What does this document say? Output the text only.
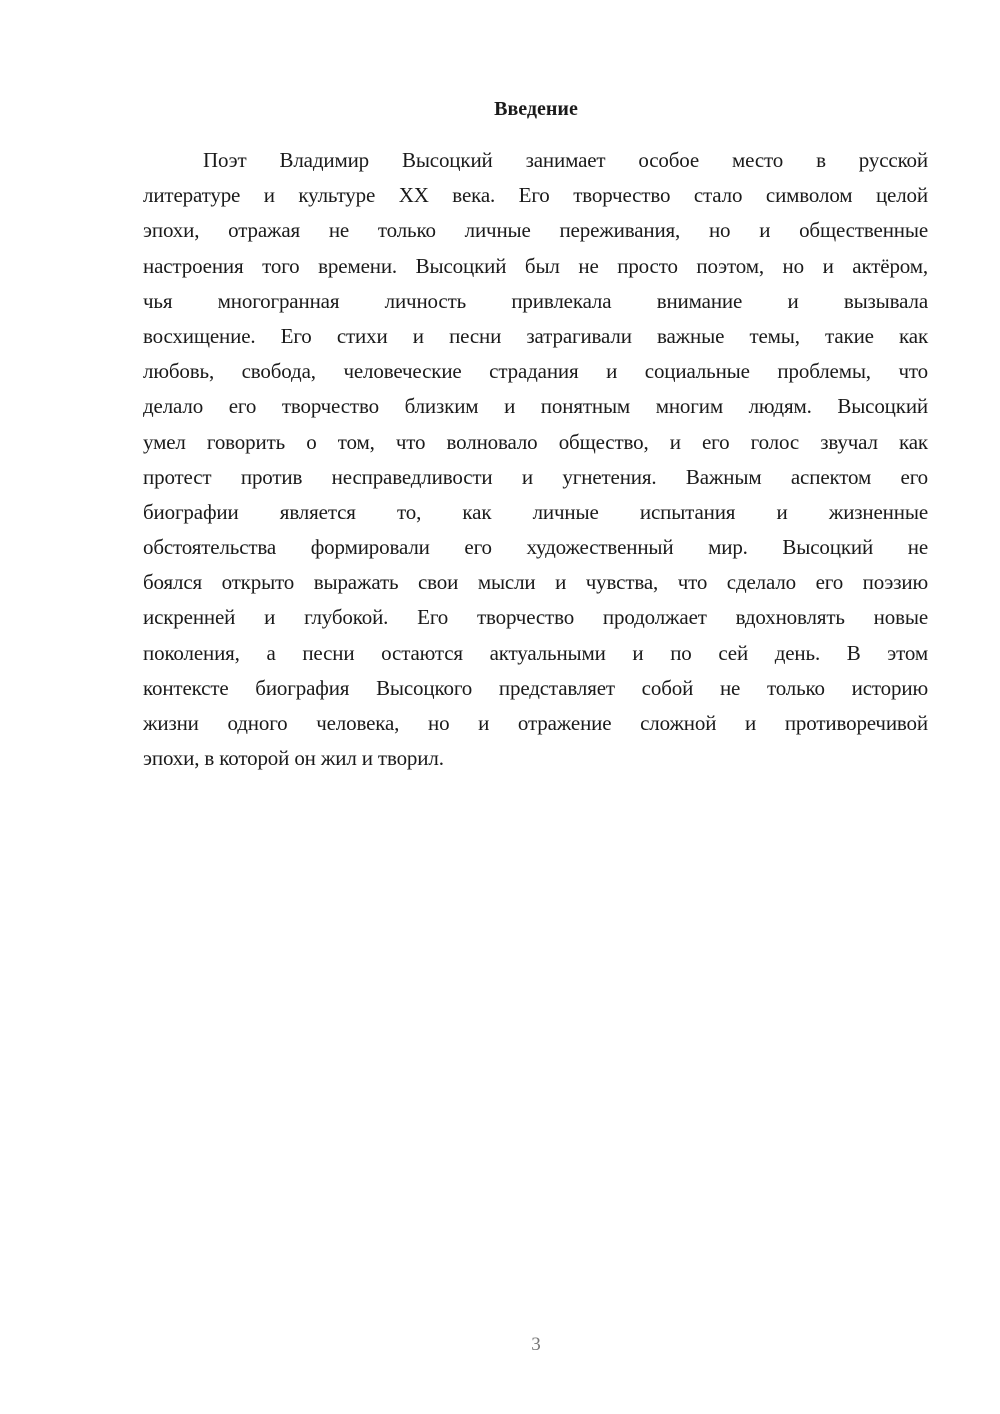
Введение
Поэт Владимир Высоцкий занимает особое место в русской
литературе и культуре XX века. Его творчество стало символом целой
эпохи, отражая не только личные переживания, но и общественные
настроения того времени. Высоцкий был не просто поэтом, но и актёром,
чья многогранная личность привлекала внимание и вызывала
восхищение. Его стихи и песни затрагивали важные темы, такие как
любовь, свобода, человеческие страдания и социальные проблемы, что
делало его творчество близким и понятным многим людям. Высоцкий
умел говорить о том, что волновало общество, и его голос звучал как
протест против несправедливости и угнетения. Важным аспектом его
биографии является то, как личные испытания и жизненные
обстоятельства формировали его художественный мир. Высоцкий не
боялся открыто выражать свои мысли и чувства, что сделало его поэзию
искренней и глубокой. Его творчество продолжает вдохновлять новые
поколения, а песни остаются актуальными и по сей день. В этом
контексте биография Высоцкого представляет собой не только историю
жизни одного человека, но и отражение сложной и противоречивой
эпохи, в которой он жил и творил.
3
